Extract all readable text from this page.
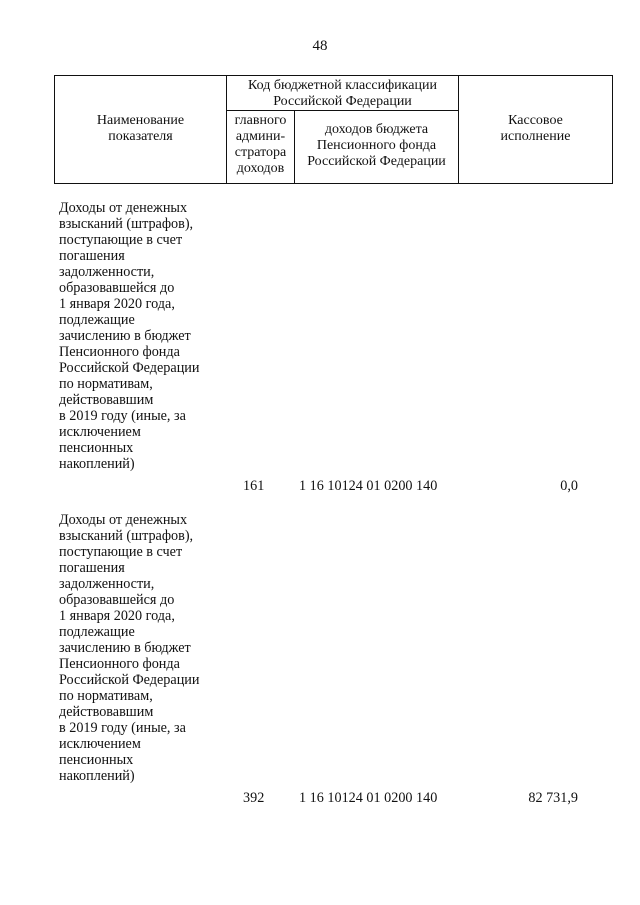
48
Наименование
показателя
Код бюджетной классификации
Российской Федерации
главного
админи-
стратора
доходов
доходов бюджета
Пенсионного фонда
Российской Федерации
Кассовое
исполнение
Доходы от денежных
взысканий (штрафов),
поступающие в счет
погашения
задолженности,
образовавшейся до
1 января 2020 года,
подлежащие
зачислению в бюджет
Пенсионного фонда
Российской Федерации
по нормативам,
действовавшим
в 2019 году (иные, за
исключением
пенсионных
накоплений)
161 1 16 10124 01 0200 140	0,0
Доходы от денежных
взысканий (штрафов),
поступающие в счет
погашения
задолженности,
образовавшейся до
1 января 2020 года,
подлежащие
зачислению в бюджет
Пенсионного фонда
Российской Федерации
по нормативам,
действовавшим
в 2019 году (иные, за
исключением
пенсионных
накоплений)
392 1 16 10124 01 0200 140	82 731,9
